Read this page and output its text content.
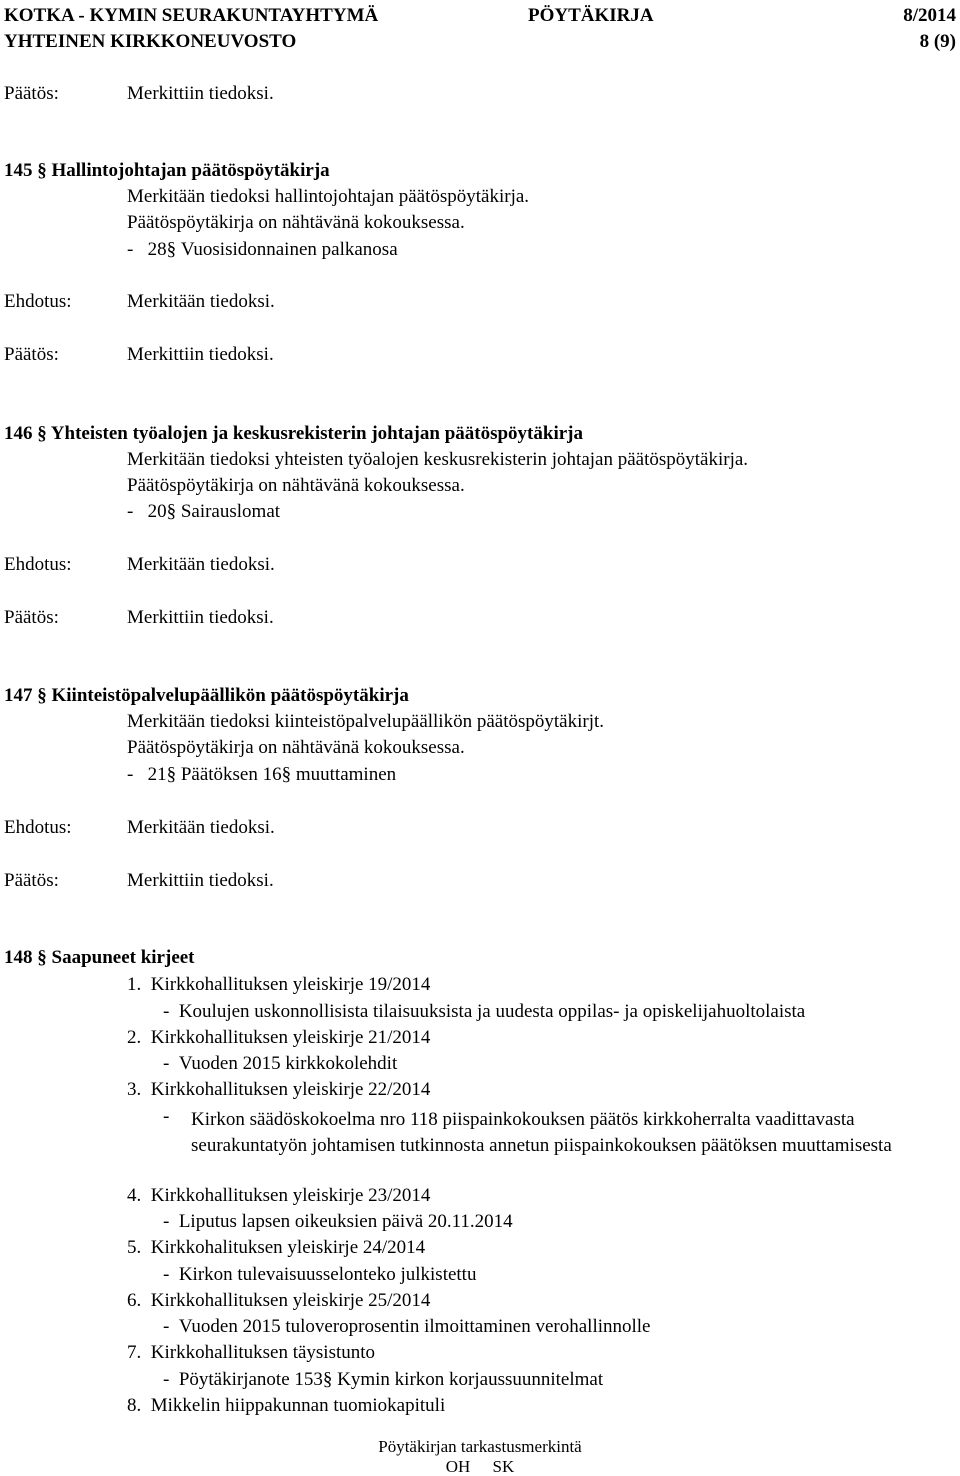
KOTKA - KYMIN SEURAKUNTAYHTYMÄ	PÖYTÄKIRJA	8/2014
YHTEINEN KIRKKONEUVOSTO	8 (9)
Päätös:	Merkittiin tiedoksi.
145 § Hallintojohtajan päätöspöytäkirja
Merkitään tiedoksi hallintojohtajan päätöspöytäkirja.
Päätöspöytäkirja on nähtävänä kokouksessa.
- 28§ Vuosisidonnainen palkanosa
Ehdotus:	Merkitään tiedoksi.
Päätös:	Merkittiin tiedoksi.
146 § Yhteisten työalojen ja keskusrekisterin johtajan päätöspöytäkirja
Merkitään tiedoksi yhteisten työalojen keskusrekisterin johtajan päätöspöytäkirja.
Päätöspöytäkirja on nähtävänä kokouksessa.
- 20§ Sairauslomat
Ehdotus:	Merkitään tiedoksi.
Päätös:	Merkittiin tiedoksi.
147 § Kiinteistöpalvelupäällikön päätöspöytäkirja
Merkitään tiedoksi kiinteistöpalvelupäällikön päätöspöytäkirjt.
Päätöspöytäkirja on nähtävänä kokouksessa.
- 21§ Päätöksen 16§ muuttaminen
Ehdotus:	Merkitään tiedoksi.
Päätös:	Merkittiin tiedoksi.
148 § Saapuneet kirjeet
1. Kirkkohallituksen yleiskirje 19/2014
-  Koulujen uskonnollisista tilaisuuksista ja uudesta oppilas- ja opiskelijahuoltolaista
2. Kirkkohallituksen yleiskirje 21/2014
-  Vuoden 2015 kirkkokolehdit
3. Kirkkohallituksen yleiskirje 22/2014
- Kirkon säädöskokoelma nro 118 piispainkokouksen päätös kirkkoherralta vaadittavasta seurakuntatyön johtamisen tutkinnosta annetun piispainkokouksen päätöksen muuttamisesta
4. Kirkkohallituksen yleiskirje 23/2014
-  Liputus lapsen oikeuksien päivä 20.11.2014
5. Kirkkohalituksen yleiskirje 24/2014
-  Kirkon tulevaisuusselonteko julkistettu
6. Kirkkohallituksen yleiskirje 25/2014
-  Vuoden 2015 tuloveroprosentin ilmoittaminen verohallinnolle
7. Kirkkohallituksen täysistunto
-  Pöytäkirjanote 153§ Kymin kirkon korjaussuunnitelmat
8. Mikkelin hiippakunnan tuomiokapituli
Pöytäkirjan tarkastusmerkintä
OH SK
